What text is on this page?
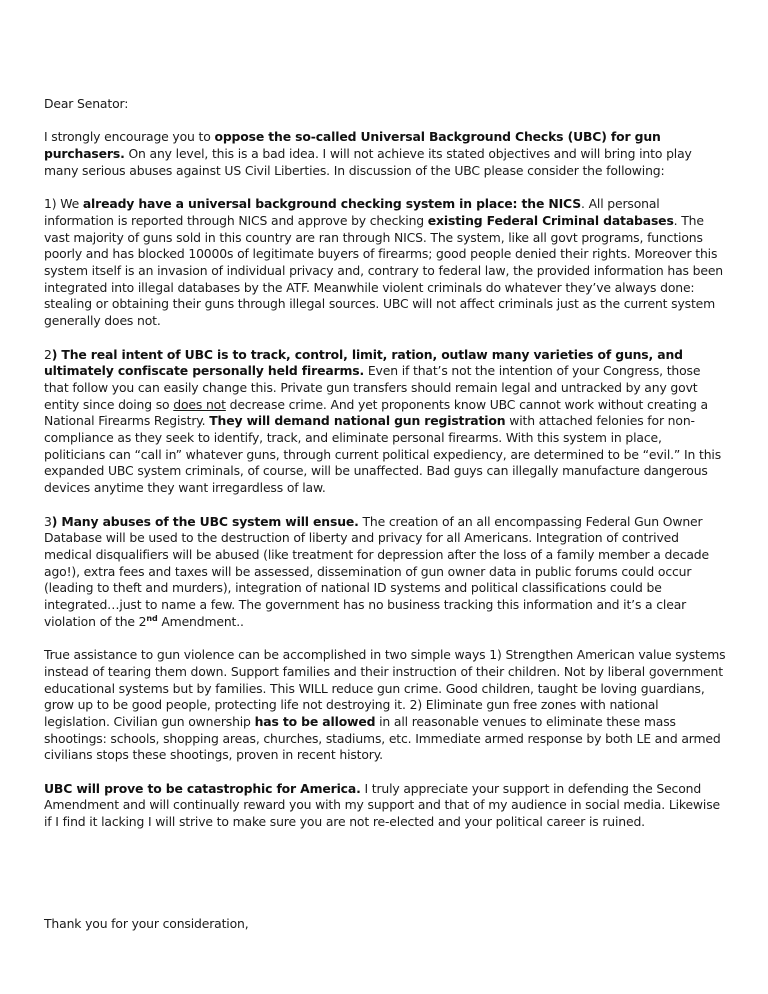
Dear Senator:

I strongly encourage you to oppose the so-called Universal Background Checks (UBC) for gun purchasers. On any level, this is a bad idea. I will not achieve its stated objectives and will bring into play many serious abuses against US Civil Liberties. In discussion of the UBC please consider the following:

1) We already have a universal background checking system in place: the NICS. All personal information is reported through NICS and approve by checking existing Federal Criminal databases. The vast majority of guns sold in this country are ran through NICS. The system, like all govt programs, functions poorly and has blocked 10000s of legitimate buyers of firearms; good people denied their rights. Moreover this system itself is an invasion of individual privacy and, contrary to federal law, the provided information has been integrated into illegal databases by the ATF. Meanwhile violent criminals do whatever they’ve always done: stealing or obtaining their guns through illegal sources. UBC will not affect criminals just as the current system generally does not.

2) The real intent of UBC is to track, control, limit, ration, outlaw many varieties of guns, and ultimately confiscate personally held firearms. Even if that’s not the intention of your Congress, those that follow you can easily change this. Private gun transfers should remain legal and untracked by any govt entity since doing so does not decrease crime. And yet proponents know UBC cannot work without creating a National Firearms Registry. They will demand national gun registration with attached felonies for non-compliance as they seek to identify, track, and eliminate personal firearms. With this system in place, politicians can “call in” whatever guns, through current political expediency, are determined to be “evil.” In this expanded UBC system criminals, of course, will be unaffected. Bad guys can illegally manufacture dangerous devices anytime they want irregardless of law.

3) Many abuses of the UBC system will ensue. The creation of an all encompassing Federal Gun Owner Database will be used to the destruction of liberty and privacy for all Americans. Integration of contrived medical disqualifiers will be abused (like treatment for depression after the loss of a family member a decade ago!), extra fees and taxes will be assessed, dissemination of gun owner data in public forums could occur (leading to theft and murders), integration of national ID systems and political classifications could be integrated…just to name a few. The government has no business tracking this information and it’s a clear violation of the 2nd Amendment..

True assistance to gun violence can be accomplished in two simple ways 1) Strengthen American value systems instead of tearing them down. Support families and their instruction of their children. Not by liberal government educational systems but by families. This WILL reduce gun crime. Good children, taught be loving guardians, grow up to be good people, protecting life not destroying it. 2) Eliminate gun free zones with national legislation. Civilian gun ownership has to be allowed in all reasonable venues to eliminate these mass shootings: schools, shopping areas, churches, stadiums, etc. Immediate armed response by both LE and armed civilians stops these shootings, proven in recent history.

UBC will prove to be catastrophic for America. I truly appreciate your support in defending the Second Amendment and will continually reward you with my support and that of my audience in social media. Likewise if I find it lacking I will strive to make sure you are not re-elected and your political career is ruined.

Thank you for your consideration,
